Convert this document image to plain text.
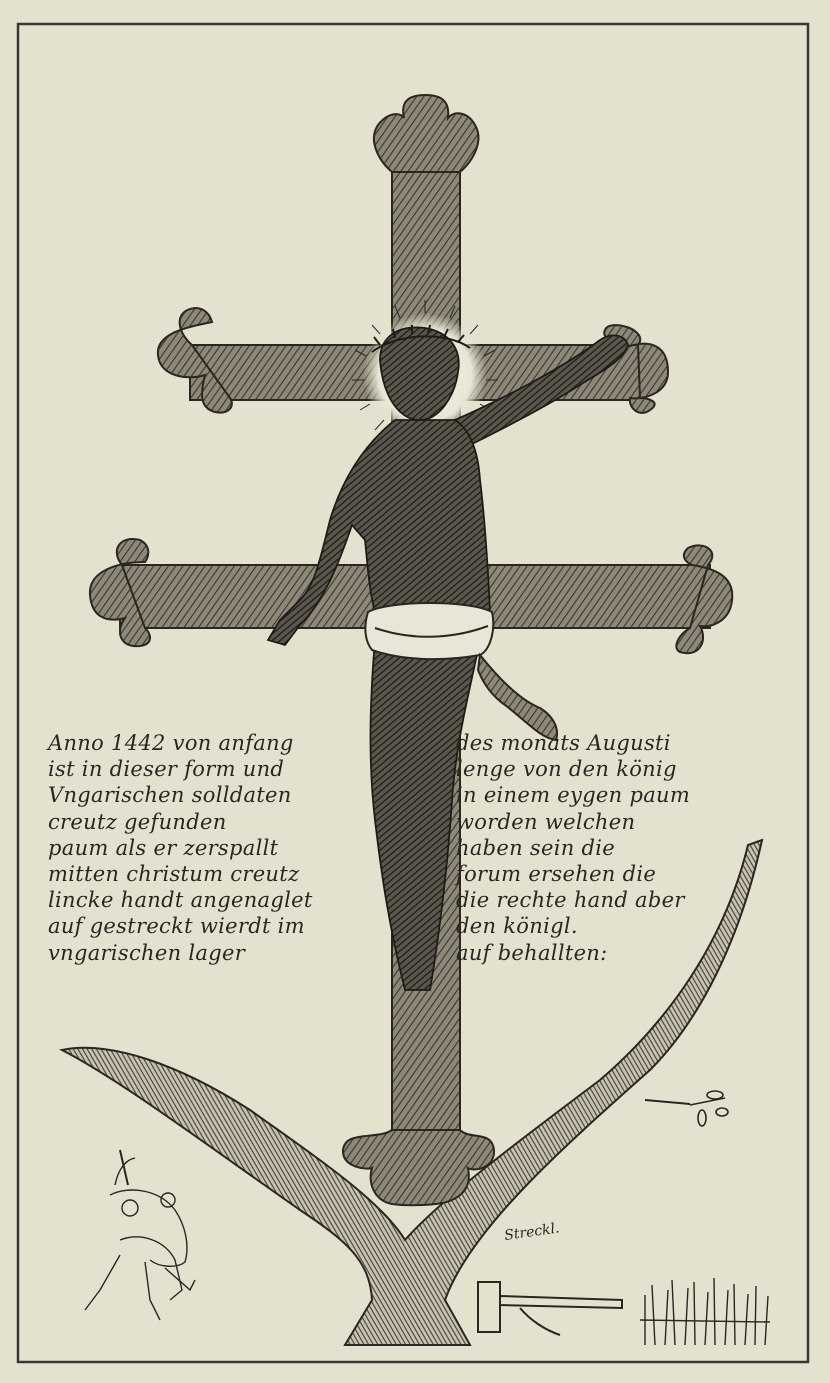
Streckl.
Anno 1442 von anfang
ist in dieser form und
Vngarischen solldaten
creutz gefunden
paum als er zerspallt
mitten christum creutz
lincke handt angenaglet
auf gestreckt wierdt im
vngarischen lager
des monats Augusti
lenge von den könig
in einem eygen paum
worden welchen
haben sein die
forum ersehen die
die rechte hand aber
den königl.
auf behallten:
